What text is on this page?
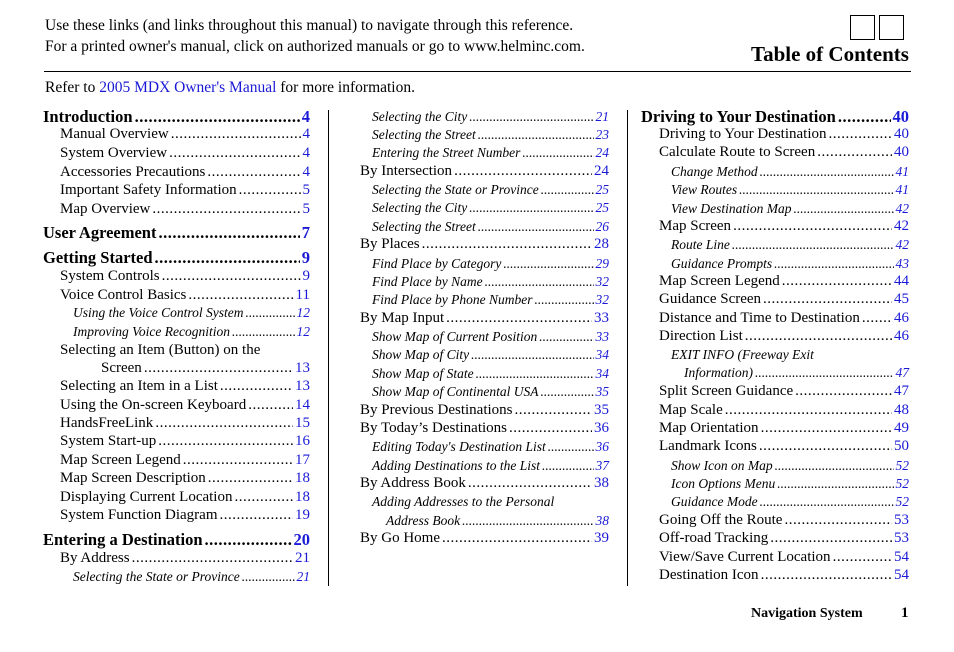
Use these links (and links throughout this manual) to navigate through this reference.
For a printed owner's manual, click on authorized manuals or go to www.helminc.com.	Table of Contents
Refer to 2005 MDX Owner's Manual for more information.
Introduction .....	4
Manual Overview .....	4
System Overview .....	4
Accessories Precautions .....	4
Important Safety Information .....	5
Map Overview .....	5
User Agreement .....	7
Getting Started .....	9
System Controls .....	9
Voice Control Basics .....	11
Using the Voice Control System .....	12
Improving Voice Recognition .....	12
Selecting an Item (Button) on the
Screen .....	13
Selecting an Item in a List .....	13
Using the On-screen Keyboard .....	14
HandsFreeLink .....	15
System Start-up .....	16
Map Screen Legend .....	17
Map Screen Description .....	18
Displaying Current Location .....	18
System Function Diagram .....	19
Entering a Destination .....	20
By Address .....	21
Selecting the State or Province .....	21
Selecting the City .....	21
Selecting the Street .....	23
Entering the Street Number .....	24
By Intersection .....	24
Selecting the State or Province .....	25
Selecting the City .....	25
Selecting the Street .....	26
By Places .....	28
Find Place by Category .....	29
Find Place by Name .....	32
Find Place by Phone Number .....	32
By Map Input .....	33
Show Map of Current Position .....	33
Show Map of City .....	34
Show Map of State .....	34
Show Map of Continental USA .....	35
By Previous Destinations .....	35
By Today’s Destinations .....	36
Editing Today's Destination List .....	36
Adding Destinations to the List .....	37
By Address Book .....	38
Adding Addresses to the Personal
Address Book .....	38
By Go Home .....	39
Driving to Your Destination .....	40
Driving to Your Destination .....	40
Calculate Route to Screen .....	40
Change Method .....	41
View Routes .....	41
View Destination Map .....	42
Map Screen .....	42
Route Line .....	42
Guidance Prompts .....	43
Map Screen Legend .....	44
Guidance Screen .....	45
Distance and Time to Destination ..... 46
Direction List .....	46
EXIT INFO (Freeway Exit
Information) .....	47
Split Screen Guidance .....	47
Map Scale .....	48
Map Orientation .....	49
Landmark Icons .....	50
Show Icon on Map .....	52
Icon Options Menu .....	52
Guidance Mode .....	52
Going Off the Route .....	53
Off-road Tracking .....	53
View/Save Current Location .....	54
Destination Icon .....	54
Navigation System	1
